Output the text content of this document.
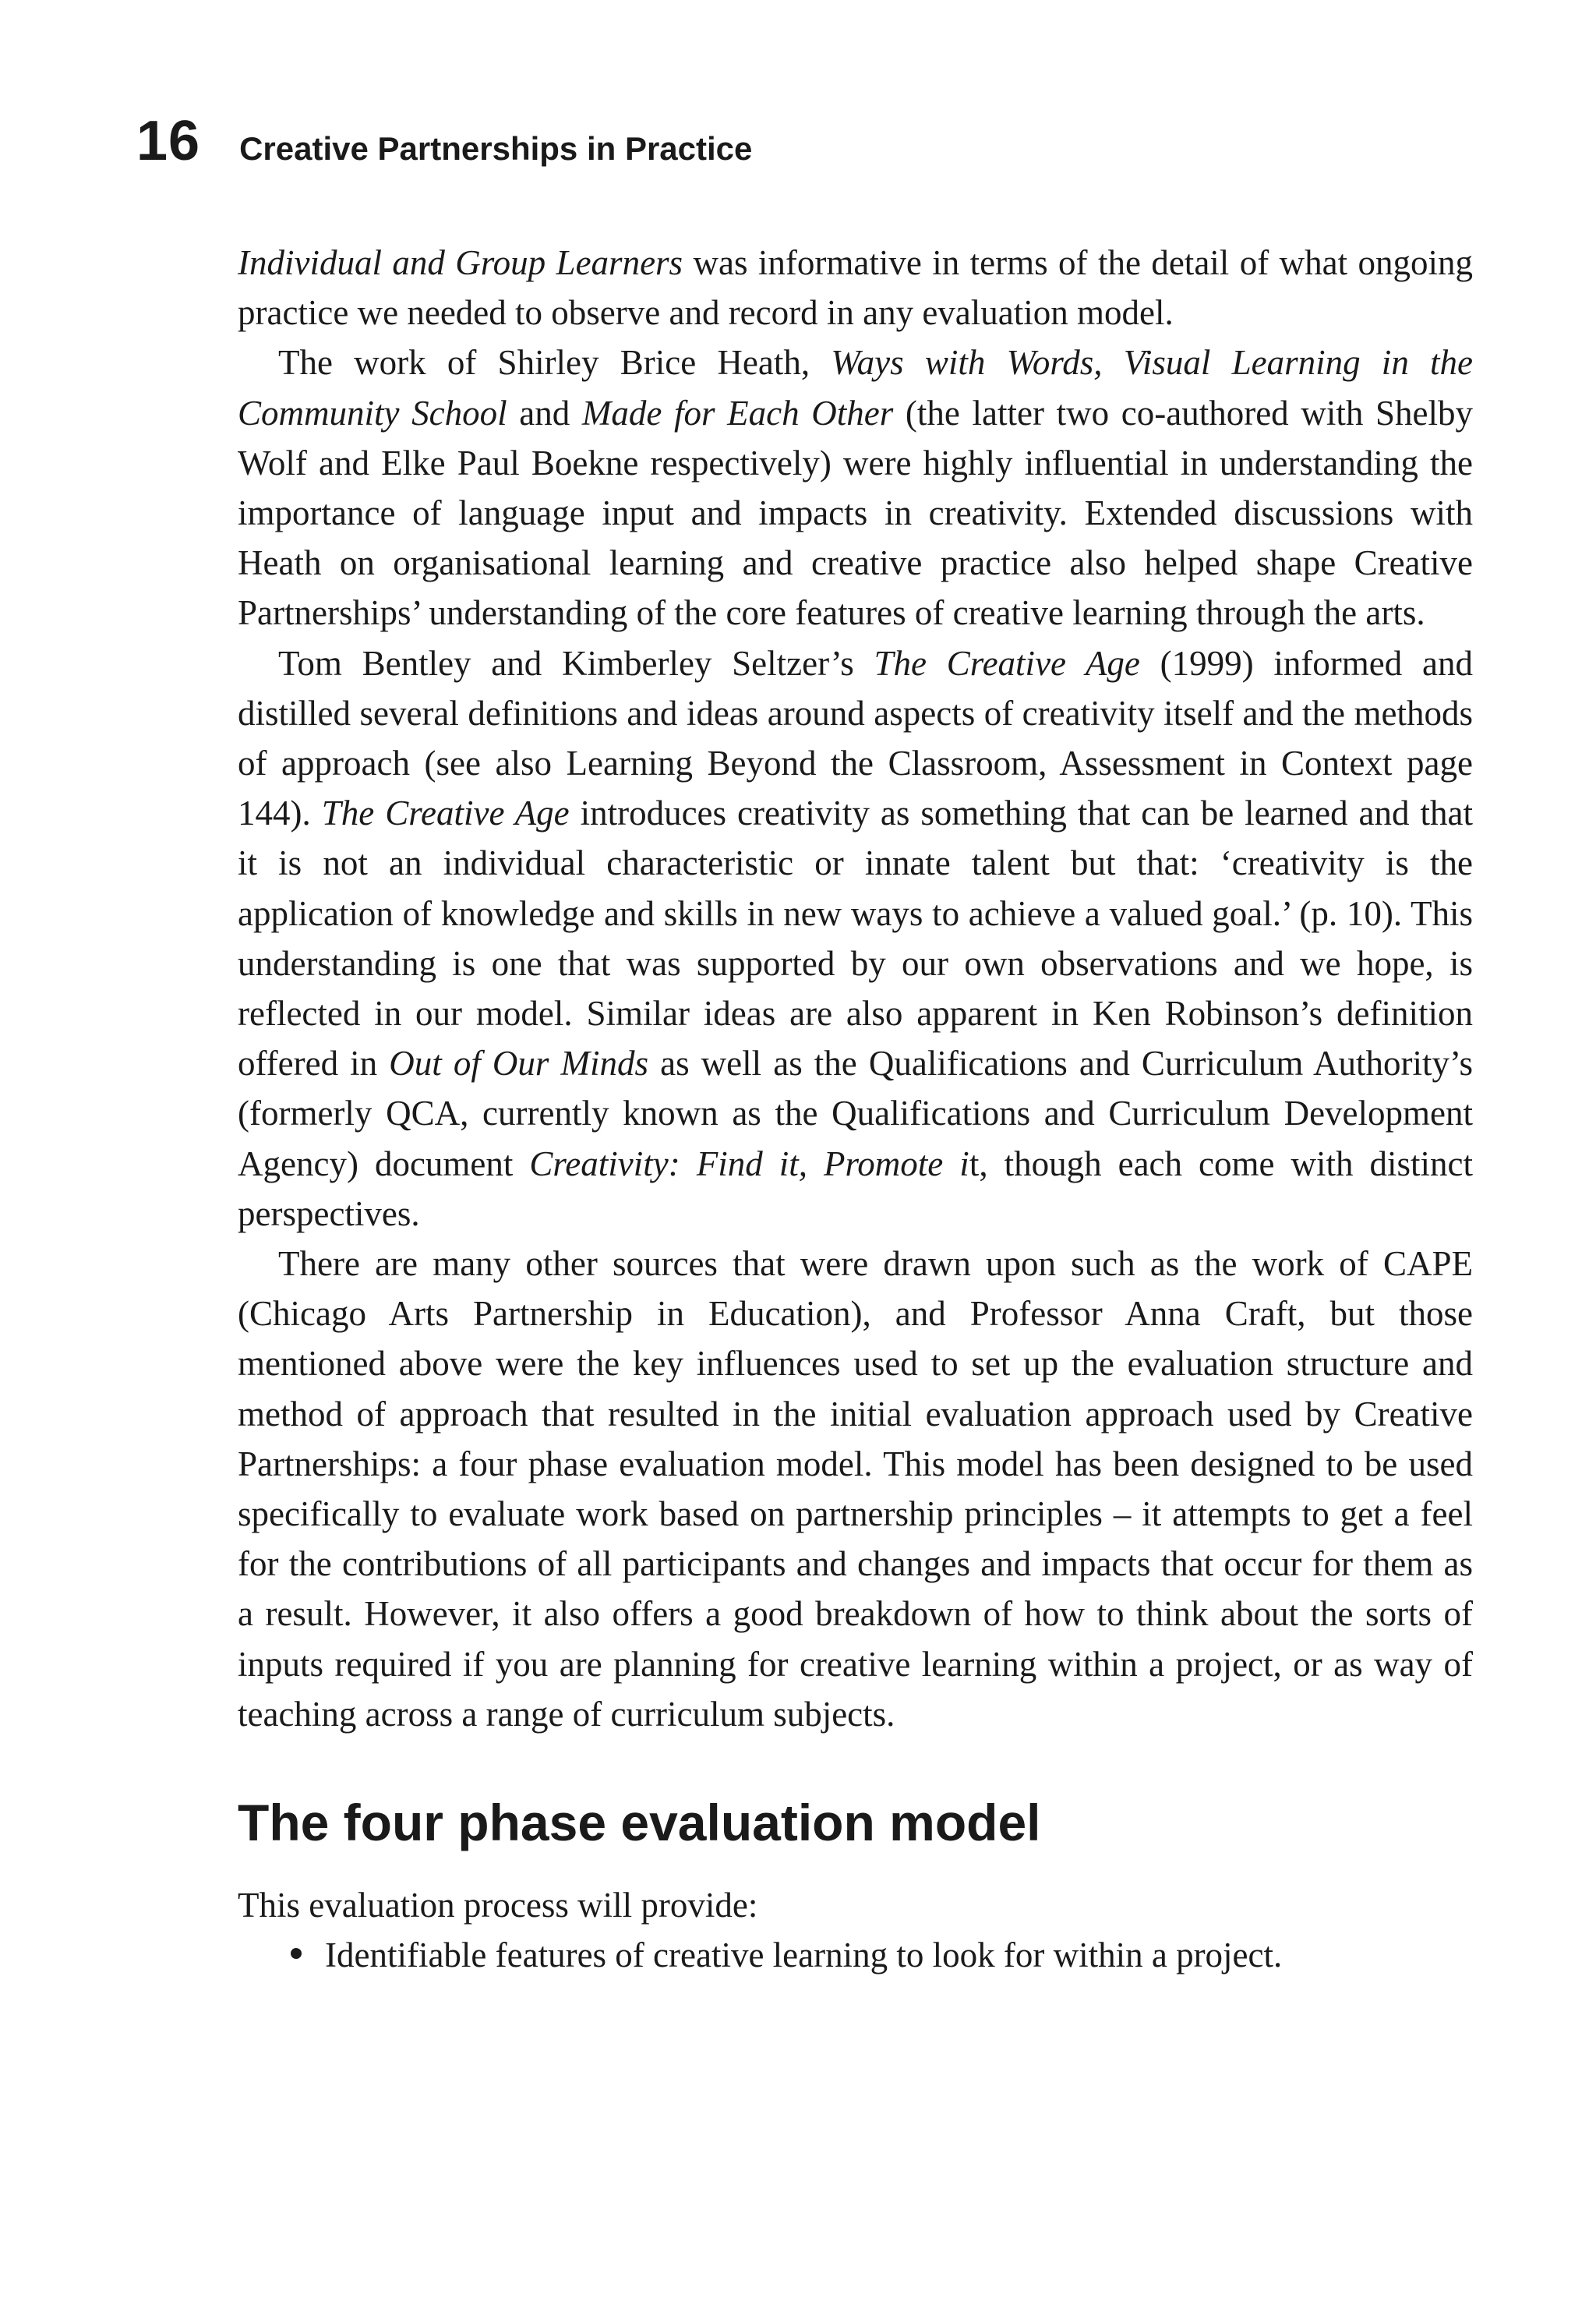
16 Creative Partnerships in Practice

Individual and Group Learners was informative in terms of the detail of what ongoing practice we needed to observe and record in any evaluation model.

The work of Shirley Brice Heath, Ways with Words, Visual Learning in the Community School and Made for Each Other (the latter two co-authored with Shelby Wolf and Elke Paul Boekne respectively) were highly influential in understanding the importance of language input and impacts in creativity. Extended discussions with Heath on organisational learning and creative practice also helped shape Creative Partnerships’ understanding of the core features of creative learning through the arts.

Tom Bentley and Kimberley Seltzer’s The Creative Age (1999) informed and distilled several definitions and ideas around aspects of creativity itself and the methods of approach (see also Learning Beyond the Classroom, Assessment in Context page 144). The Creative Age introduces creativity as something that can be learned and that it is not an individual characteristic or innate talent but that: ‘creativity is the application of knowledge and skills in new ways to achieve a valued goal.’ (p. 10). This understanding is one that was supported by our own observations and we hope, is reflected in our model. Similar ideas are also apparent in Ken Robinson’s definition offered in Out of Our Minds as well as the Qualifications and Curriculum Authority’s (formerly QCA, currently known as the Qualifications and Curriculum Development Agency) document Creativity: Find it, Promote it, though each come with distinct perspectives.

There are many other sources that were drawn upon such as the work of CAPE (Chicago Arts Partnership in Education), and Professor Anna Craft, but those mentioned above were the key influences used to set up the evaluation structure and method of approach that resulted in the initial evaluation approach used by Creative Partnerships: a four phase evaluation model. This model has been designed to be used specifically to evaluate work based on partnership principles – it attempts to get a feel for the contributions of all participants and changes and impacts that occur for them as a result. However, it also offers a good breakdown of how to think about the sorts of inputs required if you are planning for creative learning within a project, or as way of teaching across a range of curriculum subjects.

The four phase evaluation model

This evaluation process will provide:

Identifiable features of creative learning to look for within a project.
